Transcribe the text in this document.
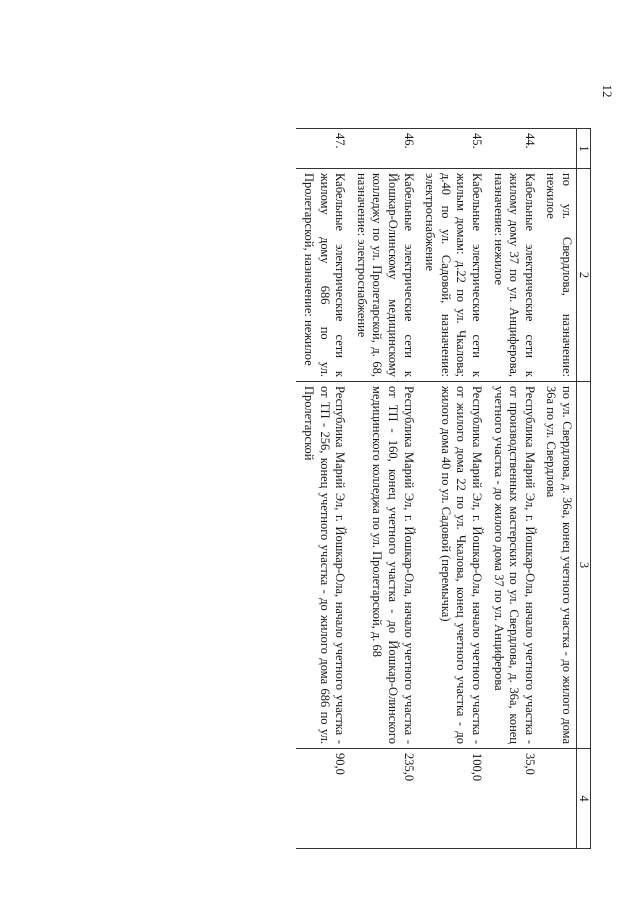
12
1	2	3	4
	по ул. Свердлова, назначение: нежилое	по ул. Свердлова, д. 36а, конец учетного участка - до жилого дома 36а по ул. Свердлова	
44.	Кабельные электрические сети к жилому дому 37 по ул. Анциферова, назначение: нежилое	Республика Марий Эл, г. Йошкар-Ола, начало учетного участка - от производственных мастерских по ул. Свердлова, д. 36а, конец учетного участка - до жилого дома 37 по ул. Анциферова	35,0
45.	Кабельные электрические сети к жилым домам: д.22 по ул. Чкалова; д.40 по ул. Садовой, назначение: электроснабжение	Республика Марий Эл, г. Йошкар-Ола, начало учетного участка - от жилого дома 22 по ул. Чкалова, конец учетного участка - до жилого дома 40 по ул. Садовой (перемычка)	100,0
46.	Кабельные электрические сети к Йошкар-Олинскому медицинскому колледжу по ул. Пролетарской, д. 68, назначение: электроснабжение	Республика Марий Эл, г. Йошкар-Ола, начало учетного участка - от ТП - 160, конец учетного участка - до Йошкар-Олинского медицинского колледжа по ул. Пролетарской, д. 68	235,0
47.	Кабельные электрические сети к жилому дому 686 по ул. Пролетарской, назначение: нежилое	Республика Марий Эл, г. Йошкар-Ола, начало учетного участка - от ТП - 256, конец учетного участка - до жилого дома 686 по ул. Пролетарской	90,0
